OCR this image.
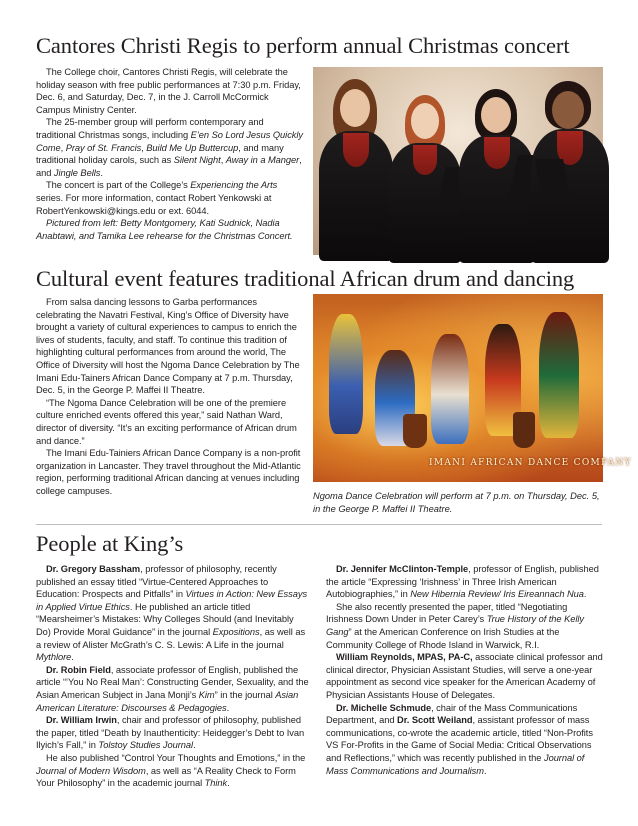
Cantores Christi Regis to perform annual Christmas concert

The College choir, Cantores Christi Regis, will celebrate the holiday season with free public performances at 7:30 p.m. Friday, Dec. 6, and Saturday, Dec. 7, in the J. Carroll McCormick Campus Ministry Center.

The 25-member group will perform contemporary and traditional Christmas songs, including E’en So Lord Jesus Quickly Come, Pray of St. Francis, Build Me Up Buttercup, and many traditional holiday carols, such as Silent Night, Away in a Manger, and Jingle Bells.

The concert is part of the College’s Experiencing the Arts series. For more information, contact Robert Yenkowski at RobertYenkowski@kings.edu or ext. 6044.

Pictured from left: Betty Montgomery, Kati Sudnick, Nadia Anabtawi, and Tamika Lee rehearse for the Christmas Concert.

Cultural event features traditional African drum and dancing

From salsa dancing lessons to Garba performances celebrating the Navatri Festival, King’s Office of Diversity have brought a variety of cultural experiences to campus to enrich the lives of students, faculty, and staff. To continue this tradition of highlighting cultural performances from around the world, The Office of Diversity will host the Ngoma Dance Celebration by The Imani Edu-Tainers African Dance Company at 7 p.m. Thursday, Dec. 5, in the George P. Maffei II Theatre.

“The Ngoma Dance Celebration will be one of the premiere culture enriched events offered this year,” said Nathan Ward, director of diversity. “It’s an exciting performance of African drum and dance.”

The Imani Edu-Tainiers African Dance Company is a non-profit organization in Lancaster. They travel throughout the Mid-Atlantic region, performing traditional African dancing at venues including college campuses.

IMANI AFRICAN DANCE COMPANY
Ngoma Dance Celebration will perform at 7 p.m. on Thursday, Dec. 5, in the George P. Maffei II Theatre.
People at King’s

Dr. Gregory Bassham, professor of philosophy, recently published an essay titled “Virtue-Centered Approaches to Education: Prospects and Pitfalls” in Virtues in Action: New Essays in Applied Virtue Ethics. He published an article titled “Mearsheimer’s Mistakes: Why Colleges Should (and Inevitably Do) Provide Moral Guidance” in the journal Expositions, as well as a review of Alister McGrath’s C. S. Lewis: A Life in the journal Mythlore.

Dr. Robin Field, associate professor of English, published the article “‘You No Real Man’: Constructing Gender, Sexuality, and the Asian American Subject in Jana Monji’s Kim” in the journal Asian American Literature: Discourses & Pedagogies.

Dr. William Irwin, chair and professor of philosophy, published the paper, titled “Death by Inauthenticity: Heidegger’s Debt to Ivan Ilyich’s Fall,” in Tolstoy Studies Journal.

He also published “Control Your Thoughts and Emotions,” in the Journal of Modern Wisdom, as well as “A Reality Check to Form Your Philosophy” in the academic journal Think.

Dr. Jennifer McClinton-Temple, professor of English, published the article “Expressing ‘Irishness’ in Three Irish American Autobiographies,” in New Hibernia Review/ Iris Eireannach Nua.

She also recently presented the paper, titled “Negotiating Irishness Down Under in Peter Carey’s True History of the Kelly Gang” at the American Conference on Irish Studies at the Community College of Rhode Island in Warwick, R.I.

William Reynolds, MPAS, PA-C, associate clinical professor and clinical director, Physician Assistant Studies, will serve a one-year appointment as second vice speaker for the American Academy of Physician Assistants House of Delegates.

Dr. Michelle Schmude, chair of the Mass Communications Department, and Dr. Scott Weiland, assistant professor of mass communications, co-wrote the academic article, titled “Non-Profits VS For-Profits in the Game of Social Media: Critical Observations and Reflections,” which was recently published in the Journal of Mass Communications and Journalism.
